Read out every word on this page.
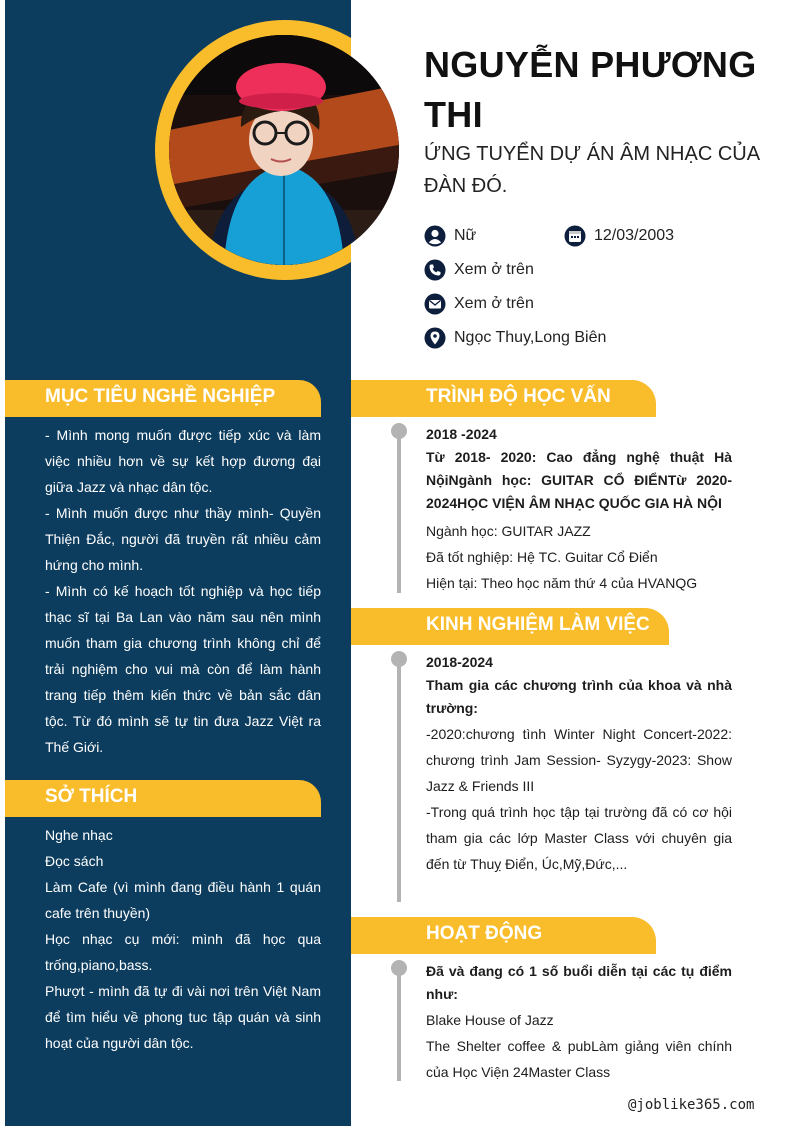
NGUYỄN PHƯƠNG THI
ỨNG TUYỂN DỰ ÁN ÂM NHẠC CỦA ĐÀN ĐÓ.
Nữ	12/03/2003
Xem ở trên
Xem ở trên
Ngọc Thuy,Long Biên
MỤC TIÊU NGHỀ NGHIỆP

- Mình mong muốn được tiếp xúc và làm việc nhiều hơn về sự kết hợp đương đại giữa Jazz và nhạc dân tộc.

- Mình muốn được như thầy mình- Quyền Thiện Đắc, người đã truyền rất nhiều cảm hứng cho mình.

- Mình có kế hoạch tốt nghiệp và học tiếp thạc sĩ tại Ba Lan vào năm sau nên mình muốn tham gia chương trình không chỉ để trải nghiệm cho vui mà còn để làm hành trang tiếp thêm kiến thức về bản sắc dân tộc. Từ đó mình sẽ tự tin đưa Jazz Việt ra Thế Giới.

SỞ THÍCH

Nghe nhạc

Đọc sách

Làm Cafe (vì mình đang điều hành 1 quán cafe trên thuyền)

Học nhạc cụ mới: mình đã học qua trống,piano,bass.

Phượt - mình đã tự đi vài nơi trên Việt Nam để tìm hiểu về phong tuc tập quán và sinh hoạt của người dân tộc.

TRÌNH ĐỘ HỌC VẤN
2018 -2024
Từ 2018- 2020: Cao đẳng nghệ thuật Hà NộiNgành học: GUITAR CỔ ĐIỂNTừ 2020-2024HỌC VIỆN ÂM NHẠC QUỐC GIA HÀ NỘI
Ngành học: GUITAR JAZZ
Đã tốt nghiệp: Hệ TC. Guitar Cổ Điển
Hiện tại: Theo học năm thứ 4 của HVANQG
KINH NGHIỆM LÀM VIỆC
2018-2024
Tham gia các chương trình của khoa và nhà trường:
-2020:chương tình Winter Night Concert-2022: chương trình Jam Session- Syzygy-2023: Show Jazz & Friends III
-Trong quá trình học tập tại trường đã có cơ hội tham gia các lớp Master Class với chuyên gia đến từ Thuỵ Điển, Úc,Mỹ,Đức,...
HOẠT ĐỘNG
Đã và đang có 1 số buổi diễn tại các tụ điểm như:
Blake House of Jazz
The Shelter coffee & pubLàm giảng viên chính của Học Viện 24Master Class
@joblike365.com
